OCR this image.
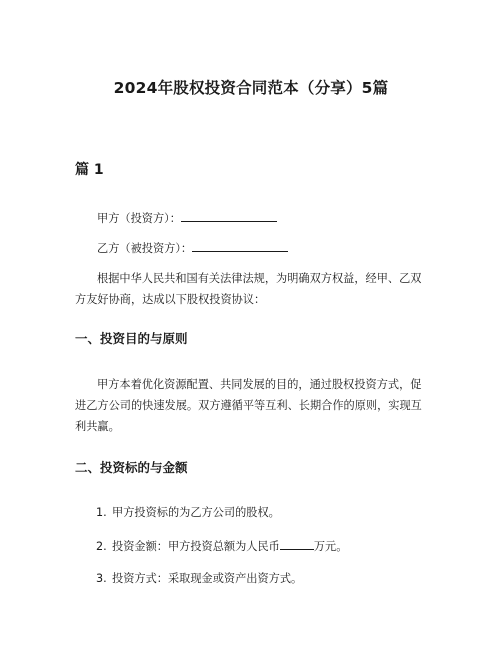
2024年股权投资合同范本（分享）5篇
篇 1
甲方（投资方）：
乙方（被投资方）：
根据中华人民共和国有关法律法规，为明确双方权益，经甲、乙双方友好协商，达成以下股权投资协议：
一、投资目的与原则
甲方本着优化资源配置、共同发展的目的，通过股权投资方式，促进乙方公司的快速发展。双方遵循平等互利、长期合作的原则，实现互利共赢。
二、投资标的与金额
1. 甲方投资标的为乙方公司的股权。
2. 投资金额：甲方投资总额为人民币	万元。
3. 投资方式：采取现金或资产出资方式。
